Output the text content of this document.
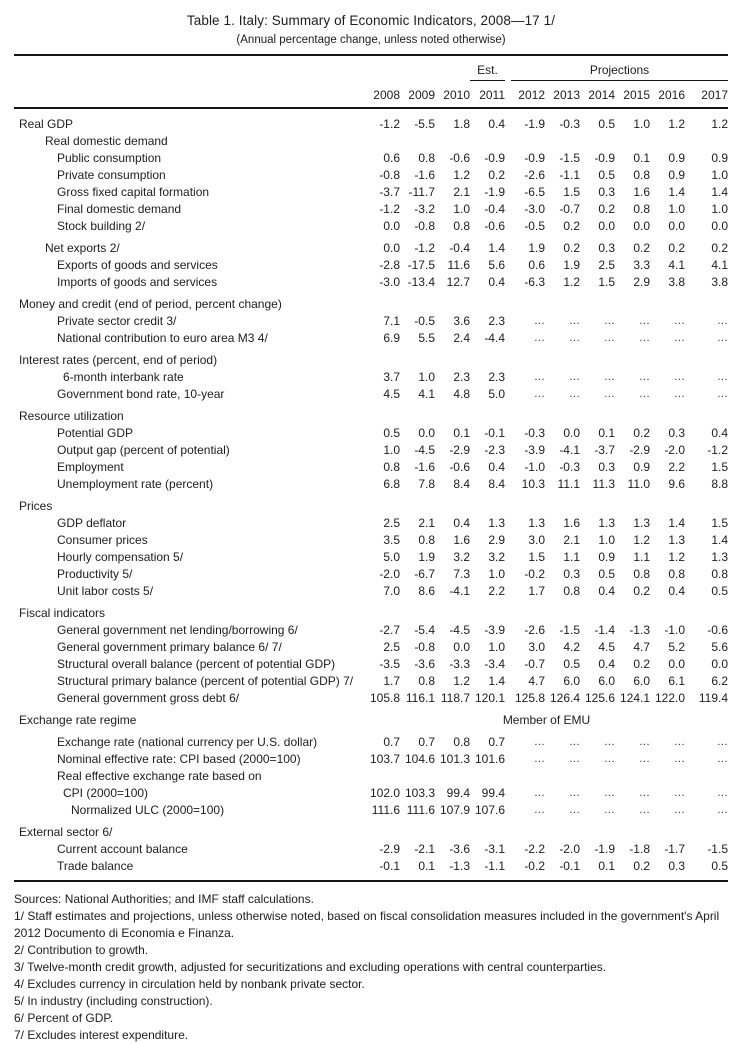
Table 1. Italy: Summary of Economic Indicators, 2008—17 1/
(Annual percentage change, unless noted otherwise)
Est.	Projections
2008 2009 2010 2011	2012 2013 2014 2015 2016	2017
Real GDP	-1.2	-5.5	1.8	0.4	-1.9	-0.3	0.5	1.0	1.2	1.2
Real domestic demand
Public consumption	0.6	0.8	-0.6	-0.9	-0.9	-1.5	-0.9	0.1	0.9	0.9
Private consumption	-0.8	-1.6	1.2	0.2	-2.6	-1.1	0.5	0.8	0.9	1.0
Gross fixed capital formation	-3.7 -11.7	2.1	-1.9	-6.5	1.5	0.3	1.6	1.4	1.4
Final domestic demand	-1.2	-3.2	1.0	-0.4	-3.0	-0.7	0.2	0.8	1.0	1.0
Stock building 2/	0.0	-0.8	0.8	-0.6	-0.5	0.2	0.0	0.0	0.0	0.0
Net exports 2/	0.0	-1.2	-0.4	1.4	1.9	0.2	0.3	0.2	0.2	0.2
Exports of goods and services	-2.8 -17.5	11.6	5.6	0.6	1.9	2.5	3.3	4.1	4.1
Imports of goods and services	-3.0 -13.4 12.7	0.4	-6.3	1.2	1.5	2.9	3.8	3.8
Money and credit (end of period, percent change)
Private sector credit 3/	7.1	-0.5	3.6	2.3	...	...	...	...	...	...
National contribution to euro area M3 4/	6.9	5.5	2.4	-4.4	...	...	...	...	...	...
Interest rates (percent, end of period)
6-month interbank rate	3.7	1.0	2.3	2.3	...	...	...	...	...	...
Government bond rate, 10-year	4.5	4.1	4.8	5.0	...	...	...	...	...	...
Resource utilization
Potential GDP	0.5	0.0	0.1	-0.1	-0.3	0.0	0.1	0.2	0.3	0.4
Output gap (percent of potential)	1.0	-4.5	-2.9	-2.3	-3.9	-4.1	-3.7	-2.9	-2.0	-1.2
Employment	0.8	-1.6	-0.6	0.4	-1.0	-0.3	0.3	0.9	2.2	1.5
Unemployment rate (percent)	6.8	7.8	8.4	8.4	10.3	11.1	11.3	11.0	9.6	8.8
Prices
GDP deflator	2.5	2.1	0.4	1.3	1.3	1.6	1.3	1.3	1.4	1.5
Consumer prices	3.5	0.8	1.6	2.9	3.0	2.1	1.0	1.2	1.3	1.4
Hourly compensation 5/	5.0	1.9	3.2	3.2	1.5	1.1	0.9	1.1	1.2	1.3
Productivity 5/	-2.0	-6.7	7.3	1.0	-0.2	0.3	0.5	0.8	0.8	0.8
Unit labor costs 5/	7.0	8.6	-4.1	2.2	1.7	0.8	0.4	0.2	0.4	0.5
Fiscal indicators
General government net lending/borrowing 6/	-2.7	-5.4	-4.5	-3.9	-2.6	-1.5	-1.4	-1.3	-1.0	-0.6
General government primary balance 6/ 7/	2.5	-0.8	0.0	1.0	3.0	4.2	4.5	4.7	5.2	5.6
Structural overall balance (percent of potential GDP)	-3.5	-3.6	-3.3	-3.4	-0.7	0.5	0.4	0.2	0.0	0.0
Structural primary balance (percent of potential GDP) 7/	1.7	0.8	1.2	1.4	4.7	6.0	6.0	6.0	6.1	6.2
General government gross debt 6/	105.8 116.1 118.7 120.1 125.8 126.4 125.6 124.1 122.0	119.4
Exchange rate regime	Member of EMU
Exchange rate (national currency per U.S. dollar)	0.7	0.7	0.8	0.7	...	...	...	...	...	...
Nominal effective rate: CPI based (2000=100)	103.7 104.6 101.3 101.6	...	...	...	...	...	...
Real effective exchange rate based on
CPI (2000=100)	102.0 103.3 99.4 99.4	...	...	...	...	...	...
Normalized ULC (2000=100)	111.6 111.6 107.9 107.6	...	...	...	...	...	...
External sector 6/
Current account balance	-2.9	-2.1	-3.6	-3.1	-2.2	-2.0	-1.9	-1.8	-1.7	-1.5
Trade balance	-0.1	0.1	-1.3	-1.1	-0.2	-0.1	0.1	0.2	0.3	0.5
Sources: National Authorities; and IMF staff calculations.
1/ Staff estimates and projections, unless otherwise noted, based on fiscal consolidation measures included in the government's April 2012 Documento di Economia e Finanza.
2/ Contribution to growth.
3/ Twelve-month credit growth, adjusted for securitizations and excluding operations with central counterparties.
4/ Excludes currency in circulation held by nonbank private sector.
5/ In industry (including construction).
6/ Percent of GDP.
7/ Excludes interest expenditure.
